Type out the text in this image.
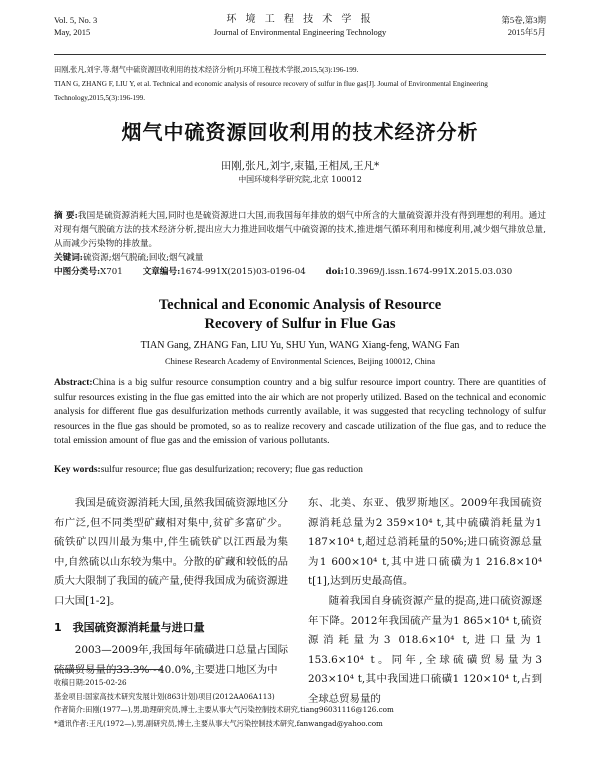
Vol. 5, No. 3
May, 2015
环 境 工 程 技 术 学 报
Journal of Environmental Engineering Technology
第5卷,第3期
2015年5月
田刚,张凡,刘宇,等.烟气中硫资源回收利用的技术经济分析[J].环境工程技术学报,2015,5(3):196-199.
TIAN G, ZHANG F, LIU Y, et al. Technical and economic analysis of resource recovery of sulfur in flue gas[J]. Journal of Environmental Engineering Technology,2015,5(3):196-199.
烟气中硫资源回收利用的技术经济分析
田刚,张凡,刘宇,束韫,王相凤,王凡*
中国环境科学研究院,北京 100012
摘 要:我国是硫资源消耗大国,同时也是硫资源进口大国,而我国每年排放的烟气中所含的大量硫资源并没有得到理想的利用。通过对现有烟气脱硫方法的技术经济分析,提出应大力推进回收烟气中硫资源的技术,推进烟气循环利用和梯度利用,减少烟气排放总量,从而减少污染物的排放量。
关键词:硫资源;烟气脱硫;回收;烟气减量
中图分类号:X701 文章编号:1674-991X(2015)03-0196-04 doi:10.3969/j.issn.1674-991X.2015.03.030
Technical and Economic Analysis of Resource
Recovery of Sulfur in Flue Gas
TIAN Gang, ZHANG Fan, LIU Yu, SHU Yun, WANG Xiang-feng, WANG Fan
Chinese Research Academy of Environmental Sciences, Beijing 100012, China
Abstract:China is a big sulfur resource consumption country and a big sulfur resource import country. There are quantities of sulfur resources existing in the flue gas emitted into the air which are not properly utilized. Based on the technical and economic analysis for different flue gas desulfurization methods currently available, it was suggested that recycling technology of sulfur resources in the flue gas should be promoted, so as to realize recovery and cascade utilization of the flue gas, and to reduce the total emission amount of flue gas and the emission of various pollutants.
Key words:sulfur resource; flue gas desulfurization; recovery; flue gas reduction

我国是硫资源消耗大国,虽然我国硫资源地区分布广泛,但不同类型矿藏相对集中,贫矿多富矿少。硫铁矿以四川最为集中,伴生硫铁矿以江西最为集中,自然硫以山东较为集中。分散的矿藏和较低的品质大大限制了我国的硫产量,使得我国成为硫资源进口大国[1-2]。

1　我国硫资源消耗量与进口量

2003—2009年,我国每年硫磺进口总量占国际硫磺贸易量的33.3%~40.0%,主要进口地区为中

东、北美、东亚、俄罗斯地区。2009年我国硫资源消耗总量为2 359×10⁴ t,其中硫磺消耗量为1 187×10⁴ t,超过总消耗量的50%;进口硫资源总量为1 600×10⁴ t,其中进口硫磺为1 216.8×10⁴ t[1],达到历史最高值。

随着我国自身硫资源产量的提高,进口硫资源逐年下降。2012年我国硫产量为1 865×10⁴ t,硫资源消耗量为3 018.6×10⁴ t,进口量为1 153.6×10⁴ t。同年,全球硫磺贸易量为3 203×10⁴ t,其中我国进口硫磺1 120×10⁴ t,占到全球总贸易量的

收稿日期:2015-02-26
基金项目:国家高技术研究发展计划(863计划)项目(2012AA06A113)
作者简介:田刚(1977—),男,助理研究员,博士,主要从事大气污染控制技术研究,tiang96031116@126.com
*通讯作者:王凡(1972—),男,副研究员,博士,主要从事大气污染控制技术研究,fanwangad@yahoo.com
